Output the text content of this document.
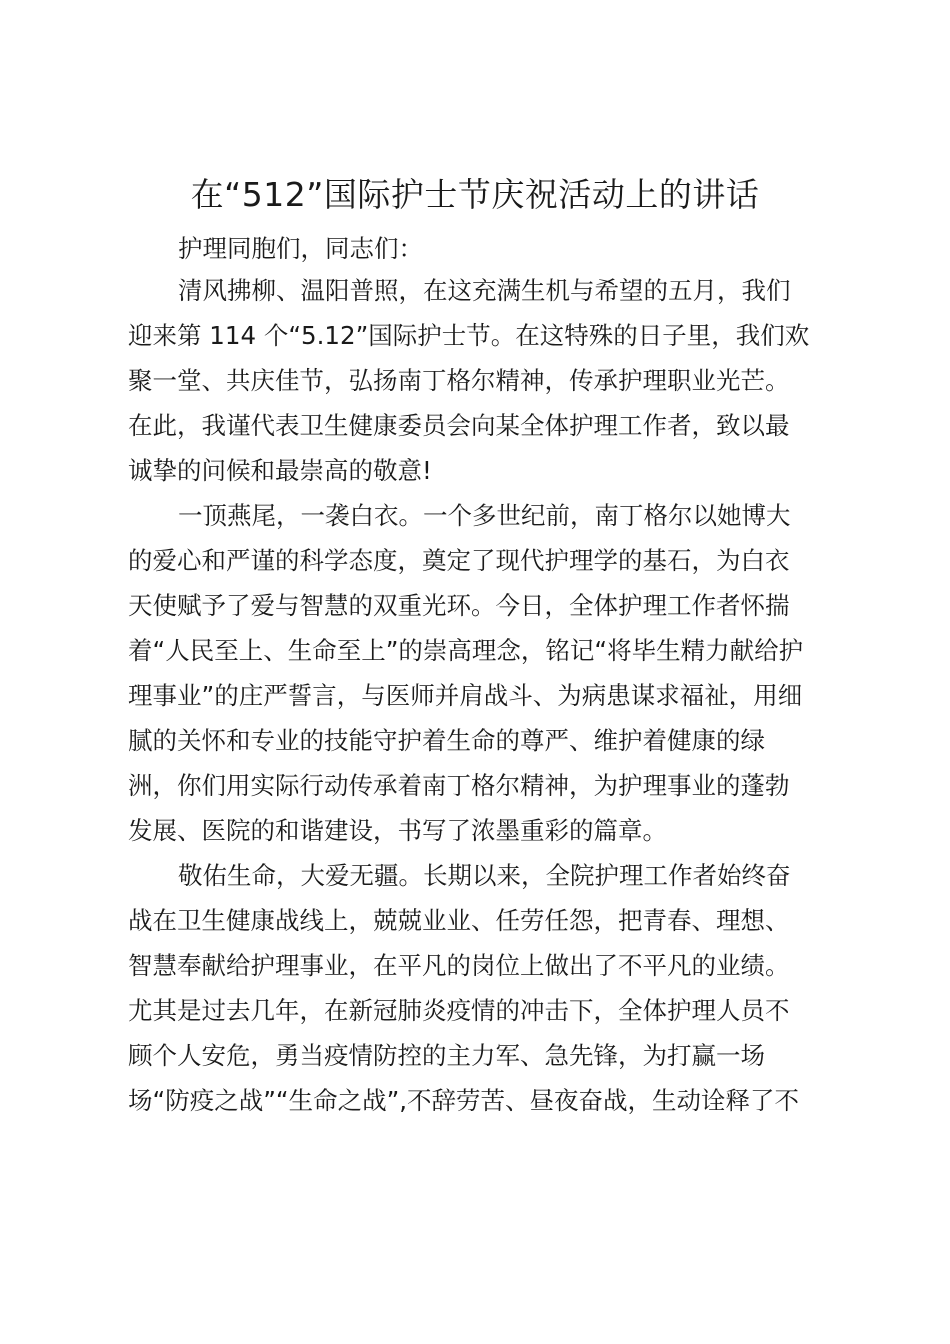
在“512”国际护士节庆祝活动上的讲话
护理同胞们，同志们：
清风拂柳、温阳普照，在这充满生机与希望的五月，我们
迎来第 114 个“5.12”国际护士节。在这特殊的日子里，我们欢
聚一堂、共庆佳节，弘扬南丁格尔精神，传承护理职业光芒。
在此，我谨代表卫生健康委员会向某全体护理工作者，致以最
诚挚的问候和最崇高的敬意!
一顶燕尾，一袭白衣。一个多世纪前，南丁格尔以她博大
的爱心和严谨的科学态度，奠定了现代护理学的基石，为白衣
天使赋予了爱与智慧的双重光环。今日，全体护理工作者怀揣
着“人民至上、生命至上”的崇高理念，铭记“将毕生精力献给护
理事业”的庄严誓言，与医师并肩战斗、为病患谋求福祉，用细
腻的关怀和专业的技能守护着生命的尊严、维护着健康的绿
洲，你们用实际行动传承着南丁格尔精神，为护理事业的蓬勃
发展、医院的和谐建设，书写了浓墨重彩的篇章。
敬佑生命，大爱无疆。长期以来，全院护理工作者始终奋
战在卫生健康战线上，兢兢业业、任劳任怨，把青春、理想、
智慧奉献给护理事业，在平凡的岗位上做出了不平凡的业绩。
尤其是过去几年，在新冠肺炎疫情的冲击下，全体护理人员不
顾个人安危，勇当疫情防控的主力军、急先锋，为打赢一场
场“防疫之战”“生命之战”,不辞劳苦、昼夜奋战，生动诠释了不
